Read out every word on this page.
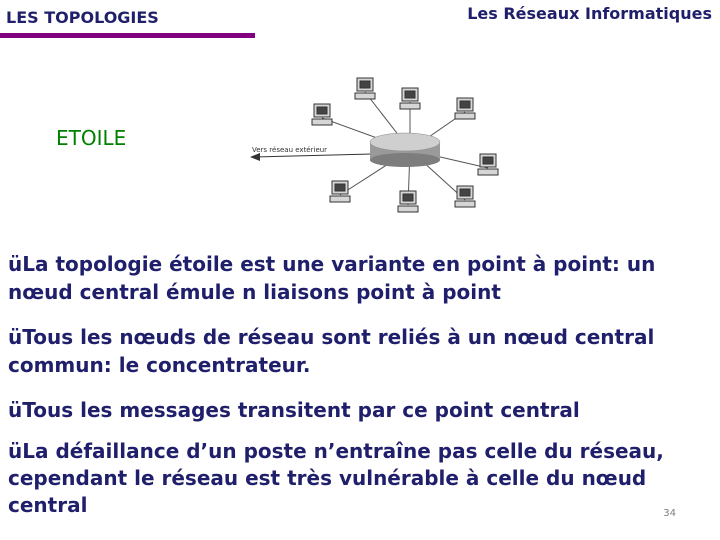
LES TOPOLOGIES	Les Réseaux Informatiques
ETOILE	Vers réseau extérieur
üLa topologie étoile est une variante en point à point: un nœud central émule n liaisons point à point
üTous les nœuds de réseau sont reliés à un nœud central commun: le concentrateur.
üTous les messages transitent par ce point central
üLa défaillance d’un poste n’entraîne pas celle du réseau, cependant le réseau est très vulnérable à celle du nœud central	34
